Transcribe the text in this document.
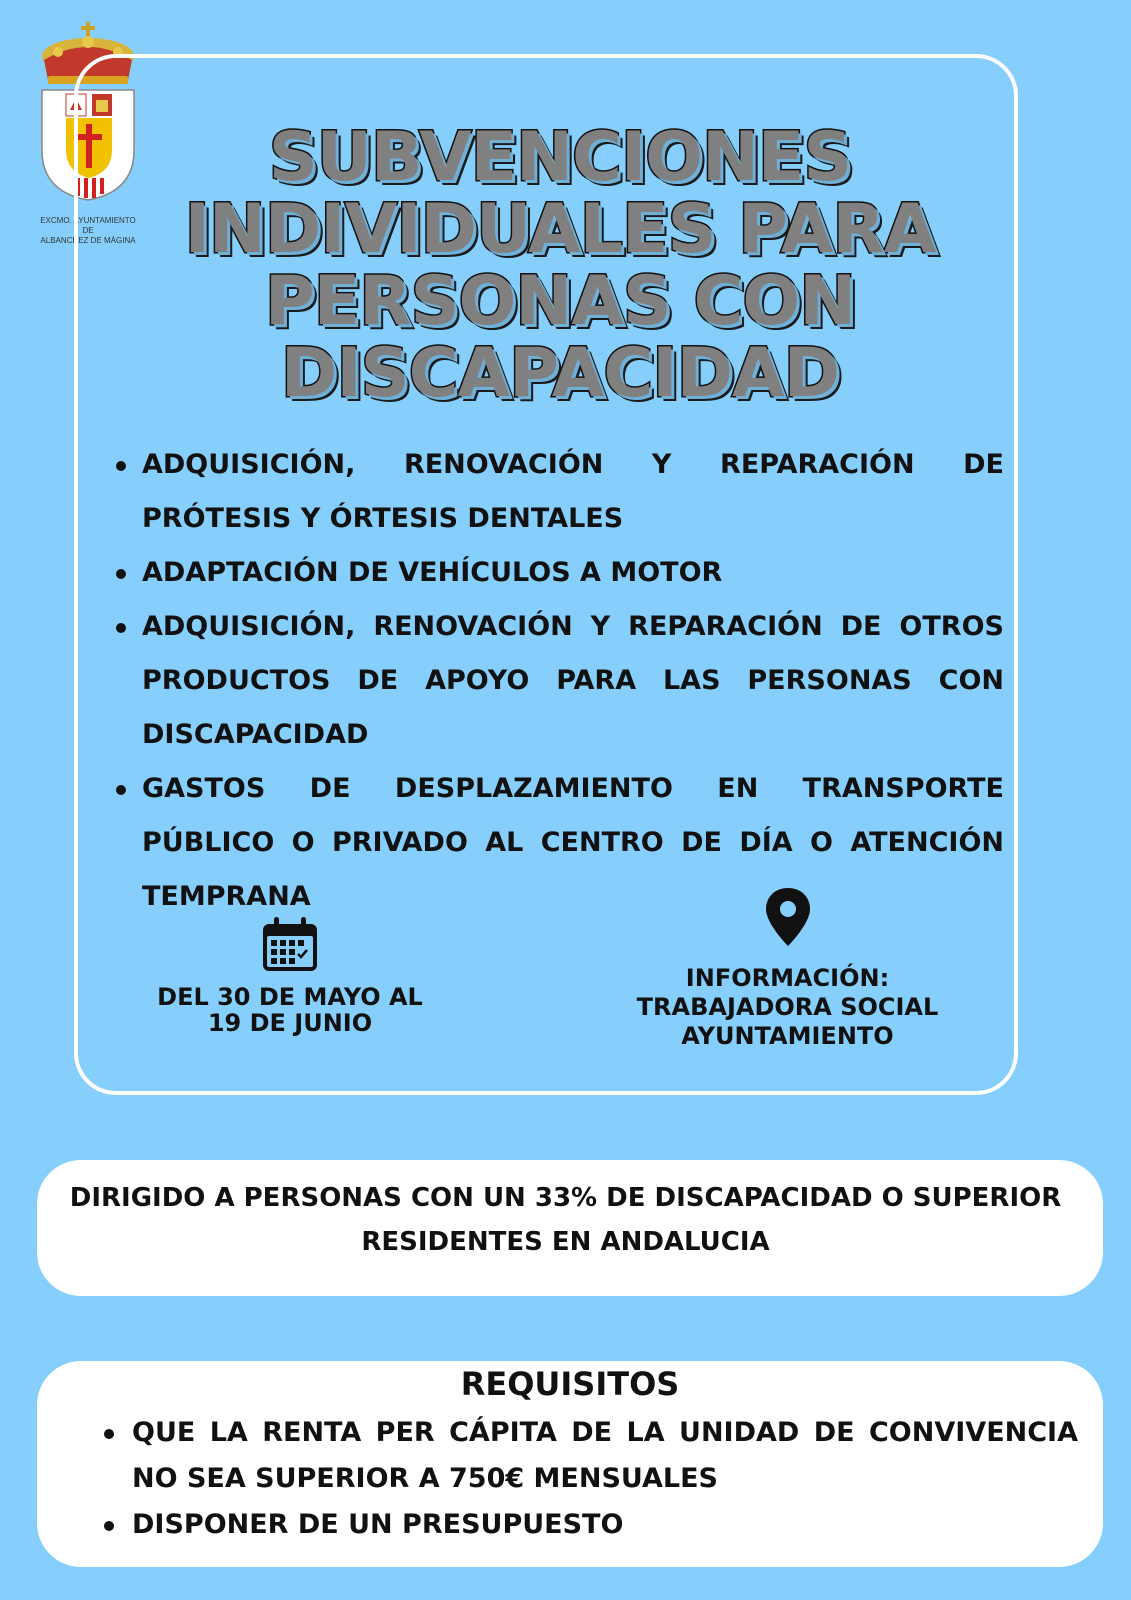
EXCMO. AYUNTAMIENTO DE
ALBANCHEZ DE MÁGINA
SUBVENCIONES
INDIVIDUALES PARA
PERSONAS CON
DISCAPACIDAD
ADQUISICIÓN, RENOVACIÓN Y REPARACIÓN DE PRÓTESIS Y ÓRTESIS DENTALES
ADAPTACIÓN DE VEHÍCULOS A MOTOR
ADQUISICIÓN, RENOVACIÓN Y REPARACIÓN DE OTROS PRODUCTOS DE APOYO PARA LAS PERSONAS CON DISCAPACIDAD
GASTOS DE DESPLAZAMIENTO EN TRANSPORTE PÚBLICO O PRIVADO AL CENTRO DE DÍA O ATENCIÓN TEMPRANA
DEL 30 DE MAYO AL
19 DE JUNIO
INFORMACIÓN:
TRABAJADORA SOCIAL
AYUNTAMIENTO
DIRIGIDO A PERSONAS CON UN 33% DE DISCAPACIDAD O SUPERIOR
RESIDENTES EN ANDALUCIA
REQUISITOS
QUE LA RENTA PER CÁPITA DE LA UNIDAD DE CONVIVENCIA NO SEA SUPERIOR A 750€ MENSUALES
DISPONER DE UN PRESUPUESTO
